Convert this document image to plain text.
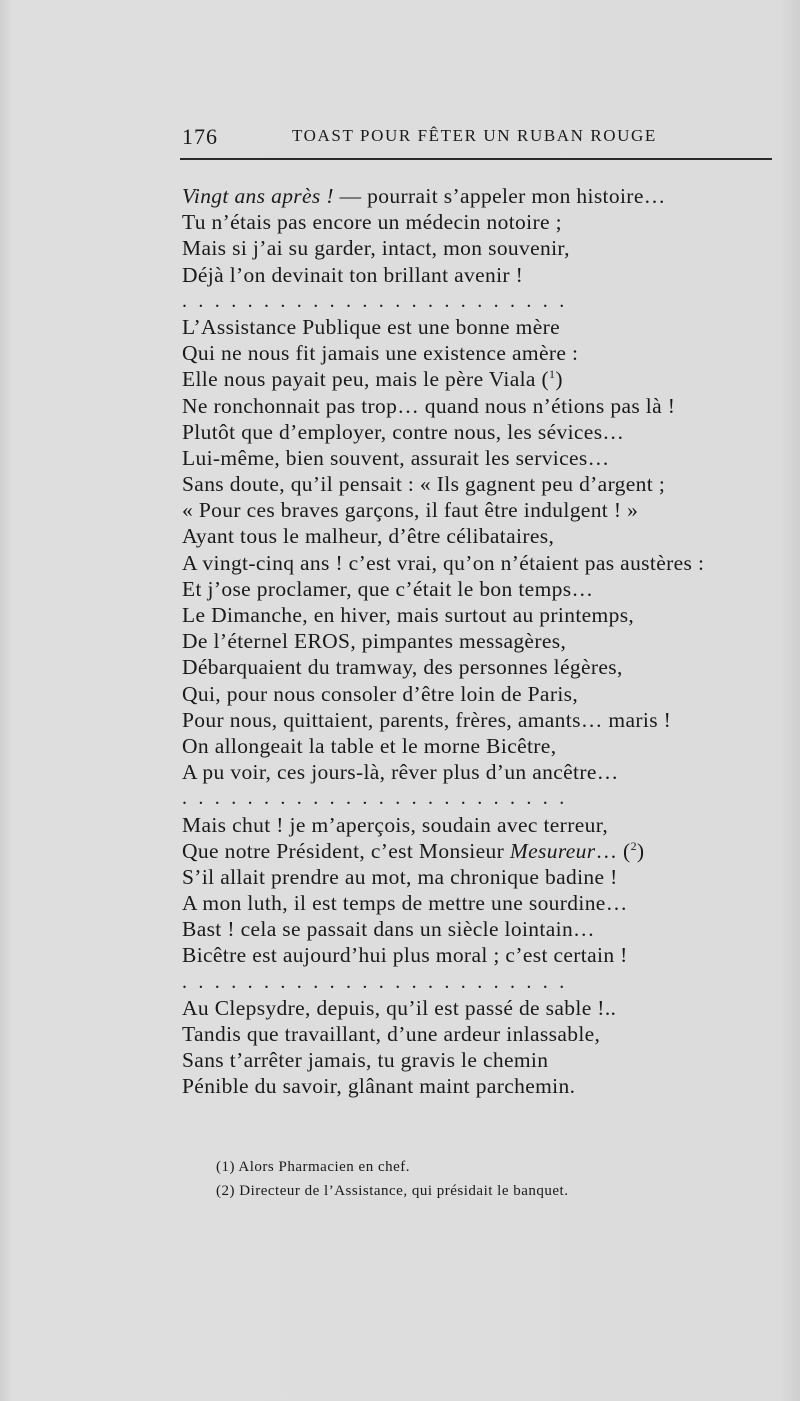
176	TOAST POUR FÊTER UN RUBAN ROUGE
Vingt ans après ! — pourrait s’appeler mon histoire…
Tu n’étais pas encore un médecin notoire ;
Mais si j’ai su garder, intact, mon souvenir,
Déjà l’on devinait ton brillant avenir !
........................
L’Assistance Publique est une bonne mère
Qui ne nous fit jamais une existence amère :
Elle nous payait peu, mais le père Viala ($^1$)
Ne ronchonnait pas trop… quand nous n’étions pas là !
Plutôt que d’employer, contre nous, les sévices…
Lui-même, bien souvent, assurait les services…
Sans doute, qu’il pensait : « Ils gagnent peu d’argent ;
« Pour ces braves garçons, il faut être indulgent ! »
Ayant tous le malheur, d’être célibataires,
A vingt-cinq ans ! c’est vrai, qu’on n’étaient pas austères :
Et j’ose proclamer, que c’était le bon temps…
Le Dimanche, en hiver, mais surtout au printemps,
De l’éternel EROS, pimpantes messagères,
Débarquaient du tramway, des personnes légères,
Qui, pour nous consoler d’être loin de Paris,
Pour nous, quittaient, parents, frères, amants… maris !
On allongeait la table et le morne Bicêtre,
A pu voir, ces jours-là, rêver plus d’un ancêtre…
........................
Mais chut ! je m’aperçois, soudain avec terreur,
Que notre Président, c’est Monsieur Mesureur… ($^2$)
S’il allait prendre au mot, ma chronique badine !
A mon luth, il est temps de mettre une sourdine…
Bast ! cela se passait dans un siècle lointain…
Bicêtre est aujourd’hui plus moral ; c’est certain !
........................
Au Clepsydre, depuis, qu’il est passé de sable !..
Tandis que travaillant, d’une ardeur inlassable,
Sans t’arrêter jamais, tu gravis le chemin
Pénible du savoir, glânant maint parchemin.
(1) Alors Pharmacien en chef.
(2) Directeur de l’Assistance, qui présidait le banquet.
